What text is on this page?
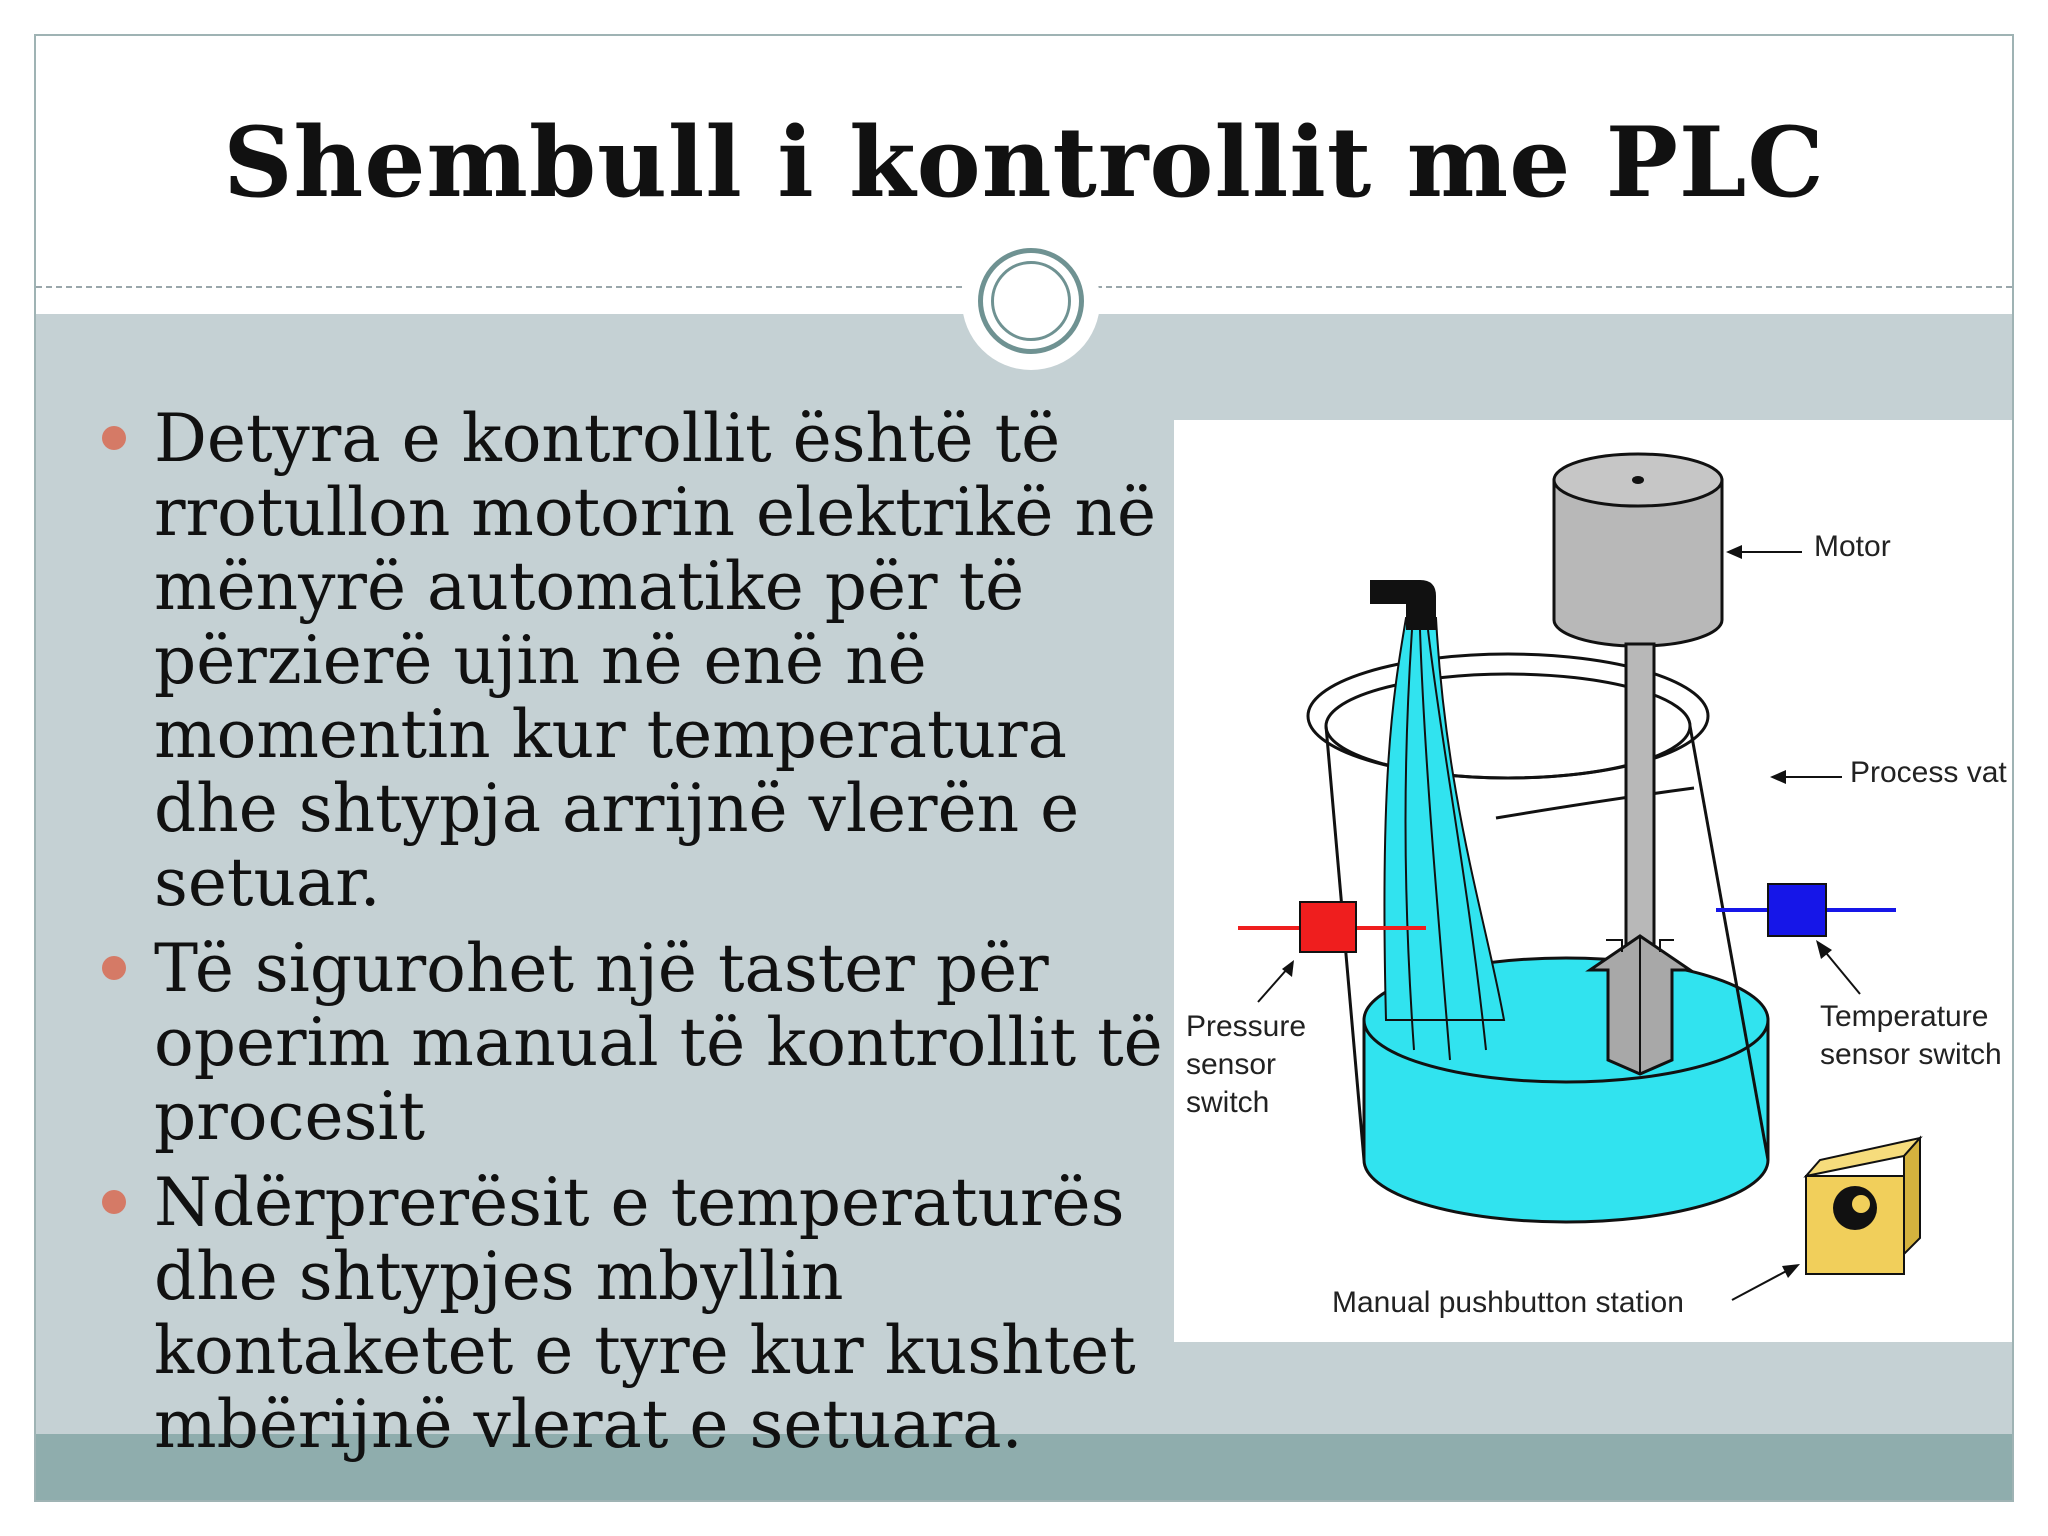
Shembull i kontrollit me PLC
Detyra e kontrollit është të rrotullon motorin elektrikë në mënyrë automatike për të përzierë ujin në enë në momentin kur temperatura dhe shtypja arrijnë vlerën e setuar.
Të sigurohet një taster për operim manual të kontrollit të procesit
Ndërprerësit e temperaturës dhe shtypjes mbyllin kontaketet e tyre kur kushtet mbërijnë vlerat e setuara.
Motor
Process vat
Pressure
sensor
switch
Temperature
sensor switch
Manual pushbutton station
